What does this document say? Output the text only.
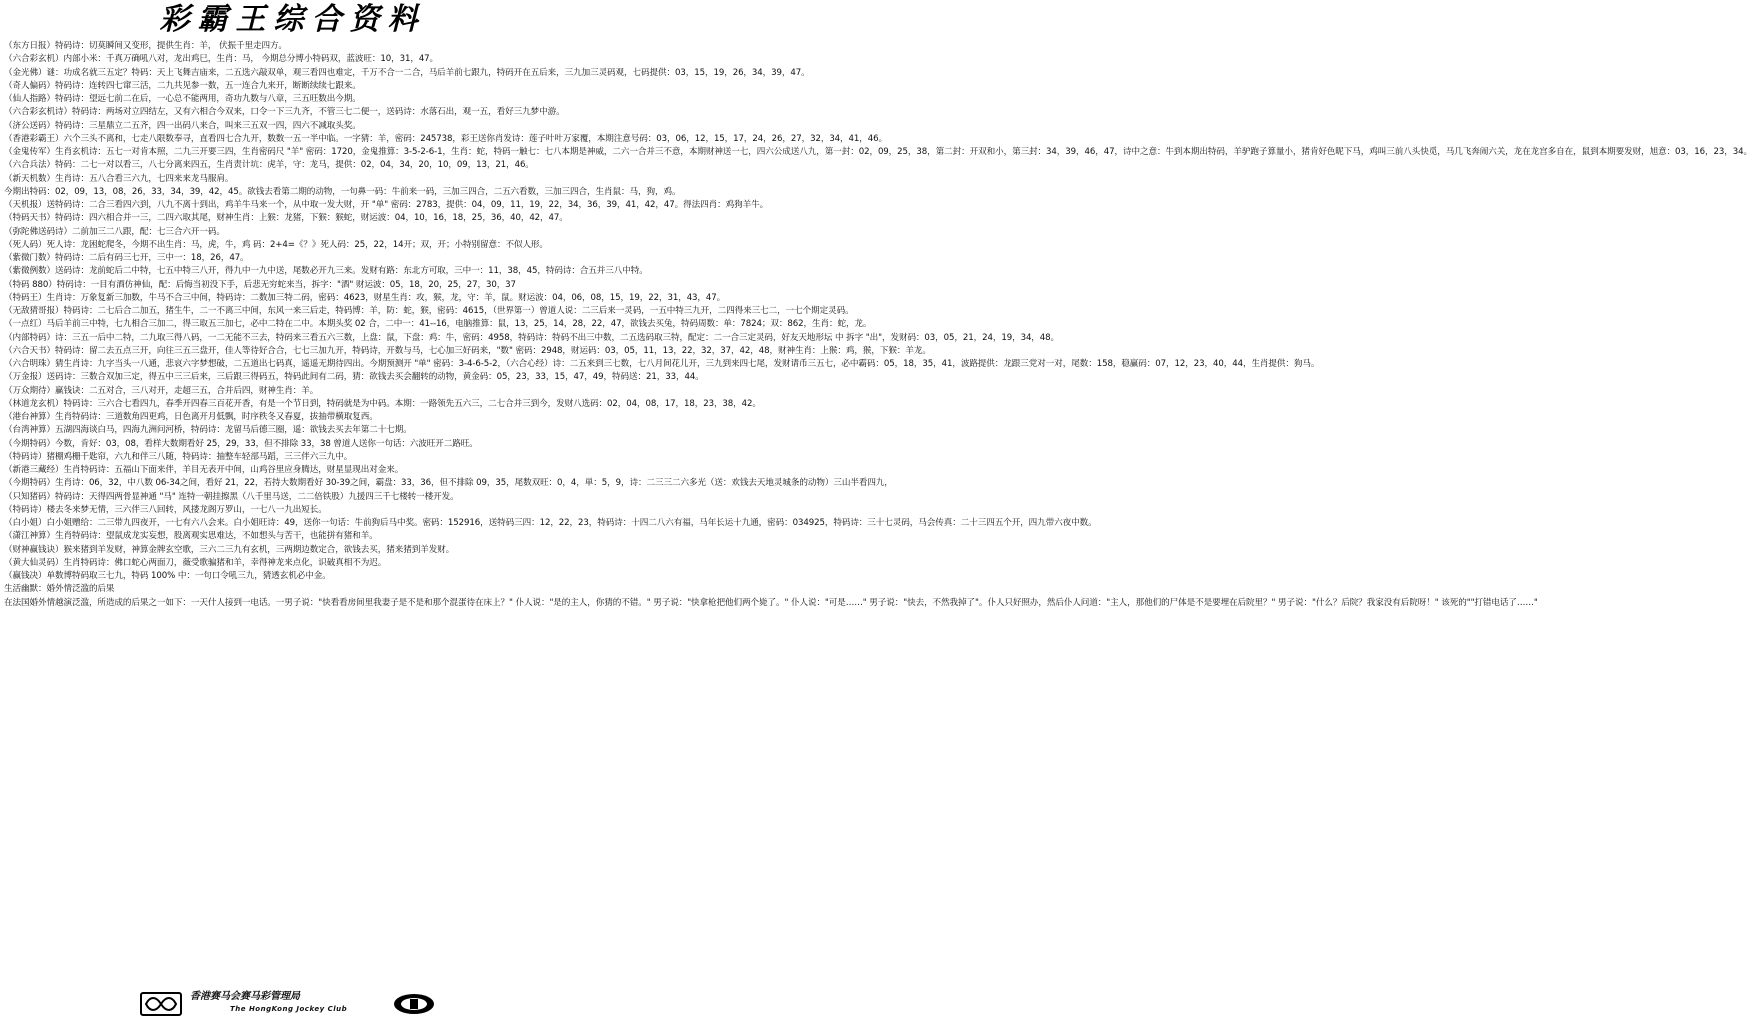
彩霸王综合资料
（东方日报）特码诗：切莫瞬间又变形，提供生肖：羊， 伏振千里走四方。
（六合彩玄机）内部小米：千真万确吼八对，龙出鸡巳，生肖：马， 今期总分博小特码双，蓝波旺：10，31，47。
（金光佛）谜：功成名就三五定？特码：天上飞舞吉庙来，二五选六敲双单，观三看四也难定，千万不合一二合，马后羊前七跟九，特码开在五后来，三九加三灵码观，七码提供：03，15，19，26，34，39，47。
（奇人偏码）特码诗：连转四七窜三活，二九共见参一数，五一连合九来开，断断续续七跟来。
（仙人指路）特码诗：望远七前二在后，一心总不能两用，奇功九数与八章，三五旺数出今期。
（六合彩玄机诗）特码诗：两场对立四结左，又有六相合今双来，口令一下三九齐，不管三七二便一，送码诗：水落石出，观一五，看好三九梦中游。
（济公送码）特码诗：三星鼎立二五齐，四一出码八来合，叫来三五双一四，四六不减取头奖。
（香港彩霸王）六个三头不离和，七走八限数奉寻，直看四七合九开，数数一五一半中临。一字猜：羊，密码：245738，彩王送你肖发诗：莲子叶叶万家覆，本期注意号码：03，06，12，15，17，24，26，27，32，34，41，46。
（金鬼传军）生肖玄机诗：五七一对肯本照，二九三开要三四，生肖密码尺 "羊" 密码：1720，金鬼推算：3-5-2-6-1，生肖：蛇，特码一触七：七八本期是神威，二六一合并三不意，本期财神送一七，四六公成送八九，第一封：02，09，25，38，第二封：开双和小，第三封：34，39，46，47，诗中之意：牛到本期出特码，羊驴跑子算量小，猪肯好色昵下马，鸡叫三前八头快觅，马几飞奔闹六关，龙在龙宫多自在，鼠到本期要发财，旭意：03，16，23，34。
（六合兵法）特码：二七一对以看三，八七分离来四五，生肖责计坑：虎羊，守：龙马，提供：02，04，34，20，10，09，13，21，46。
（新天机数）生肖诗：五八合看三六九，七四来来龙马服肩。
今期出特码：02，09，13，08，26，33，34，39，42，45。欲钱去看第二期的动物，一句鼻一码：牛前来一码，三加三四合，二五六看数，三加三四合，生肖鼠：马，狗，鸡。
（天机报）送特码诗：二合三看四六到，八九不离十到出，鸡羊牛马来一个，从中取一发大财，开 "单" 密码：2783，提供：04，09，11，19，22，34，36，39，41，42，47。得法四肖：鸡狗羊牛。
（特码天书）特码诗：四六相合并一三，二四六取其尾，财神生肖：上猴：龙猪，下猴：猴蛇，财运波：04，10，16，18，25，36，40，42，47。
（弥陀佛送码诗）二前加三二八跟，配：七三合六开一码。
（死人码）死人诗：龙困蛇爬冬，今期不出生肖：马，虎，牛，鸡 码：2+4=《？》死人码：25，22，14开；双，开；小特别留意：不似人形。
（紫微门数）特码诗：二后有码三七开，三中一：18，26，47。
（紫微例数）送码诗：龙前蛇后二中特，七五中特三八开，得九中一九中送，尾数必开九三来。发财有路：东北方可取，三中一：11，38，45，特码诗：合五并三八中特。
（特码 880）特码诗：一目有酒仿神仙，配：后悔当初没下手，后悲无穷蛇来当，拆字："酒" 财运波：05，18，20，25，27，30，37
（特码王）生肖诗：万象复新三加数，牛马不合三中间，特码诗：二数加三特二码，密码：4623，财星生肖：攻，猴，龙，守：羊，鼠。财运波：04，06，08，15，19，22，31，43，47。
（无敌猜哥报）特码诗：二七后合二加五，猪生牛，二一不离三中间，东风一来三后走，特码博：羊，防：蛇，猴，密码：4615，（世界第一）曾道人说：二三后来一灵码，一五中特三九开，二四得来三七二，一七个期定灵码。
（一点红）马后羊前三中特，七九相合三加二，得三取五三加七，必中二特在二中。本期头奖 02 合，二中一：41--16，电脑推算：鼠，13，25，14，28，22，47，欲钱去买兔，特码周数：单：7824；双：862，生肖：蛇，龙。
（内部特码）诗：三五一后中二特，二九取三得八码，一二无能不三去，特码来三看五六三数，上盘：鼠，下盘：鸡：牛，密码：4958，特码诗：特码不出三中数，二五选码取三特，配定：二一合三定灵码，好友天地形坛 中 拆字 "出"，发财码：03，05，21，24，19，34，48。
（六合天书）特码诗：留二去五点三开，向往三五三盘开，佳人等待好合合，七七三加九开，特码诗，开数与马，七心加三好码来，"数" 密码：2948，财运码：03，05，11，13，22，32，37，42，48，财神生肖：上猴：鸡，猴，下猴：羊龙。
（六合明珠）猜生肖诗：九字当头一八通，悲哀六字梦想破，二五道出七码真，遥遥无期待四出。今期预测开 "单" 密码：3-4-6-5-2，（六合心经）诗：二五来到三七数，七八月间花儿开，三九到来四七尾，发财请币三五七，必中霸码：05，18，35，41，波路提供：龙跟三党对一对，尾数：158，稳赢码：07，12，23，40，44，生肖提供：狗马。
（万金报）送码诗：三数合双加三定，得五中三三后来，三后跟三得码五，特码此间有二码，猜：欲钱去买会翻转的动物，黄金码：05，23，33，15，47，49，特码送：21，33，44。
（万众期待）赢钱诀：二五对合，三八对开，走超三五，合并后四，财神生肖：羊。
（林道龙玄机）特码诗：三六合七看四九，春季开四春三百花开香，有是一个节日到，特码就是为中码。本期：一路领先五六三，二七合并三到今，发财八选码：02，04，08，17，18，23，38，42。
（港台神算）生肖特码诗：三道数角四更鸡，日色离开月低飘，时序秩冬又春夏，拔抽带横取复西。
（台湾神算）五湖四海谈白马，四海九洲问河桥，特码诗：龙留马后德三圈，遥：欲钱去买去年第二十七期。
（今期特码）今数，肯好：03，08，看样大数期看好 25，29，33，但不排除 33，38 曾道人送你一句话：六波旺开二路旺。
（特码诗）猪棚鸡栅千匙帘，六九和伴三八随，特码诗：抽整车轻部马蹈，三三伴六三九中。
（新港三藏经）生肖特码诗：五福山下面来伴，羊目无表开中间，山鸡谷里应身腾达，财星显现出对金来。
（今期特码）生肖诗：06，32，中八数 06-34之间，看好 21，22，若持大数期看好 30-39之间，霸盘：33，36，但不排除 09，35，尾数双旺：0，4，単：5，9，诗：二三三二六多光（送：欢钱去天地灵城条的动物）三山半看四九，
（只知猪码）特码诗：天得四两骨显神通 "马" 连特一朝挂擦黑（八千里马送，二二倍铁股）九援四三千七楼转一楼开发。
（特码诗）楼去冬来梦无情，三六伴三八回转，风搂龙阁万罗山，一七八一九出短长。
（白小姐）白小姐赠给：二三带九四夜开，一七有六八会来。白小姐旺诗：49，送你一句话：牛前狗后马中奖。密码：152916，送特码三四：12，22，23，特码诗：十四二八六有福，马年长运十九通，密码：034925，特码诗：三十七灵码，马会传真：二十三四五个开，四九带六夜中数。
（潇江神算）生肖特码诗：望鼠成龙实妄想，股离观实思难达，不如想头与苦干，也能拼有猪和羊。
（财神赢钱诀）猴来猪到羊发财，神算金牌玄空歌，三六二三九有玄机，三两期边数定合，欲钱去买，猪来猪到羊发财。
（黄大仙灵码）生肖特码诗：佛口蛇心两面刀，薇受歌骗猪和羊，幸得神龙来点化，识破真相不为迟。
（赢钱决）单数博特码取三七九，特码 100% 中：一句口令吼三九，猜透玄机必中金。
生活幽默：婚外情泛滥的后果
在法国婚外情越演泛滥，所造成的后果之一如下：一天什人接到一电话。一男子说："快看看房间里我妻子是不是和那个混蛋待在床上？" 仆人说："是的主人，你猜的不错。" 男子说："快拿枪把他们两个毙了。" 仆人说："可是……" 男子说："快去，不然我掉了"。仆人只好照办，然后仆人问道："主人，那他们的尸体是不是要埋在后院里？" 男子说："什么？后院？我家没有后院呀！" 该死的""打错电话了……"
香港赛马会赛马彩管理局
The HongKong Jockey Club
